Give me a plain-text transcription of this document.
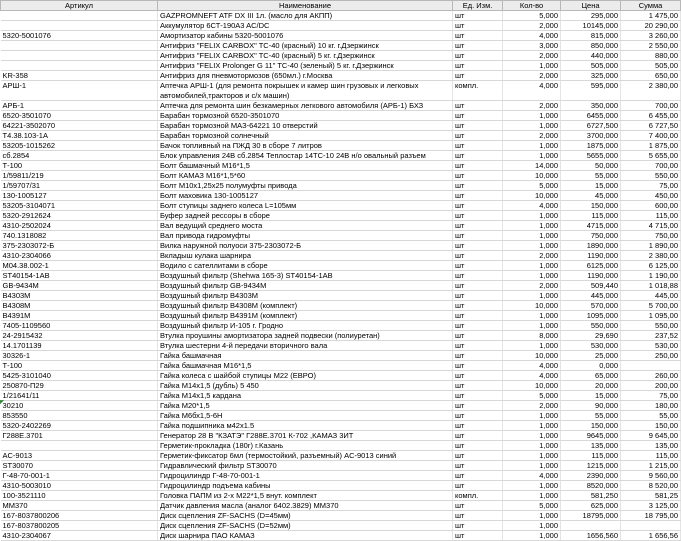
Артикул	Наименование	Ед. Изм.	Кол-во	Цена	Сумма
	GAZPROMNEFT ATF DX III 1л. (масло для АКПП)	шт	5,000	295,000	1 475,00
	Аккумулятор 6СТ-190A3 AC/DC	шт	2,000	10145,000	20 290,00
5320-5001076	Амортизатор кабины 5320-5001076	шт	4,000	815,000	3 260,00
	Антифриз "FELIX CARBOX" TC-40 (красный) 10 кг. г.Дзержинск	шт	3,000	850,000	2 550,00
	Антифриз "FELIX CARBOX" TC-40 (красный) 5 кг. г.Дзержинск	шт	2,000	440,000	880,00
	Антифриз "FELIX Prolonger G 11" TC-40 (зеленый) 5 кг. г.Дзержинск	шт	1,000	505,000	505,00
KR-358	Антифриз для пневмотормозов (650мл.) г.Москва	шт	2,000	325,000	650,00
АРШ-1	Аптечка АРШ-1 (для ремонта покрышек и камер шин грузовых и легковых автомобилей,тракторов и с/х машин)	компл.	4,000	595,000	2 380,00
АРБ-1	Аптечка для ремонта шин безкамерных легкового автомобиля (АРБ-1) БХЗ	шт	2,000	350,000	700,00
6520-3501070	Барабан тормозной 6520-3501070	шт	1,000	6455,000	6 455,00
64221-3502070	Барабан тормозной МАЗ-64221 10 отверстий	шт	1,000	6727,500	6 727,50
Т4.38.103-1А	Барабан тормозной солнечный	шт	2,000	3700,000	7 400,00
53205-1015262	Бачок топливный на ПЖД 30 в сборе 7 литров	шт	1,000	1875,000	1 875,00
сб.2854	Блок управления 24В сб.2854 Теплостар 14ТС-10 24В н/о овальный разъем	шт	1,000	5655,000	5 655,00
Т-100	Болт башмачный М16*1,5	шт	14,000	50,000	700,00
1/59811/219	Болт КАМАЗ М16*1,5*60	шт	10,000	55,000	550,00
1/59707/31	Болт М10х1,25х25 полумуфты привода	шт	5,000	15,000	75,00
130-1005127	Болт маховика 130-1005127	шт	10,000	45,000	450,00
53205-3104071	Болт ступицы заднего колеса L=105мм	шт	4,000	150,000	600,00
5320-2912624	Буфер задней рессоры в сборе	шт	1,000	115,000	115,00
4310-2502024	Вал ведущий среднего моста	шт	1,000	4715,000	4 715,00
740.1318082	Вал привода гидромуфты	шт	1,000	750,000	750,00
375-2303072-Б	Вилка наружной полуоси 375-2303072-Б	шт	1,000	1890,000	1 890,00
4310-2304066	Вкладыш кулака шарнира	шт	2,000	1190,000	2 380,00
М04.38.002-1	Водило с сателлитами в сборе	шт	1,000	6125,000	6 125,00
ST40154-1AB	Воздушный фильтр (Shehwa 165-3) ST40154-1AB	шт	1,000	1190,000	1 190,00
GB-9434M	Воздушный фильтр GB-9434M	шт	2,000	509,440	1 018,88
В4303М	Воздушный фильтр В4303М	шт	1,000	445,000	445,00
В4308М	Воздушный фильтр В4308М (комплект)	шт	10,000	570,000	5 700,00
В4391М	Воздушный фильтр В4391М (комплект)	шт	1,000	1095,000	1 095,00
7405-1109560	Воздушный фильтр И-105 г. Гродно	шт	1,000	550,000	550,00
24-2915432	Втулка проушины амортизатора задней подвески (полиуретан)	шт	8,000	29,690	237,52
14.1701139	Втулка шестерни 4-й передачи вторичного вала	шт	1,000	530,000	530,00
30326-1	Гайка башмачная	шт	10,000	25,000	250,00
Т-100	Гайка башмачная М16*1,5	шт	4,000	0,000	
5425-3101040	Гайка колеса с шайбой ступицы М22 (ЕВРО)	шт	4,000	65,000	260,00
250870-П29	Гайка М14х1,5 (дубль) 5 450	шт	10,000	20,000	200,00
1/21641/11	Гайка М14х1,5 кардана	шт	5,000	15,000	75,00

◤
30210	Гайка М20*1,5	шт	2,000	90,000	180,00
853550	Гайка М6бх1,5-6Н	шт	1,000	55,000	55,00
5320-2402269	Гайка подшипника м42х1.5	шт	1,000	150,000	150,00
Г288Е.3701	Генератор 28 В "КЗАТЭ" Г288Е.3701 К-702 ,КАМАЗ 3ИТ	шт	1,000	9645,000	9 645,00
	Герметик-прокладка (180г) г.Казань	шт	1,000	135,000	135,00
AC-9013	Герметик-фиксатор 6мл (термостойкий, разъемный) AC-9013 синий	шт	1,000	115,000	115,00
ST30070	Гидравлический фильтр ST30070	шт	1,000	1215,000	1 215,00
Г-48-70-001-1	Гидроцилиндр Г-48-70-001-1	шт	4,000	2390,000	9 560,00
4310-5003010	Гидроцилиндр подъема кабины	шт	1,000	8520,000	8 520,00
100-3521110	Головка ПАПМ из 2-х М22*1,5 внут. комплект	компл.	1,000	581,250	581,25
ММ370	Датчик давления масла (аналог 6402.3829) ММ370	шт	5,000	625,000	3 125,00
167-8037800206	Диск сцепления ZF-SACHS (D=45мм)	шт	1,000	18795,000	18 795,00
167-8037800205	Диск сцепления ZF-SACHS (D=52мм)	шт	1,000		
4310-2304067	Диск шарнира ПАО КАМАЗ	шт	1,000	1656,560	1 656,56
